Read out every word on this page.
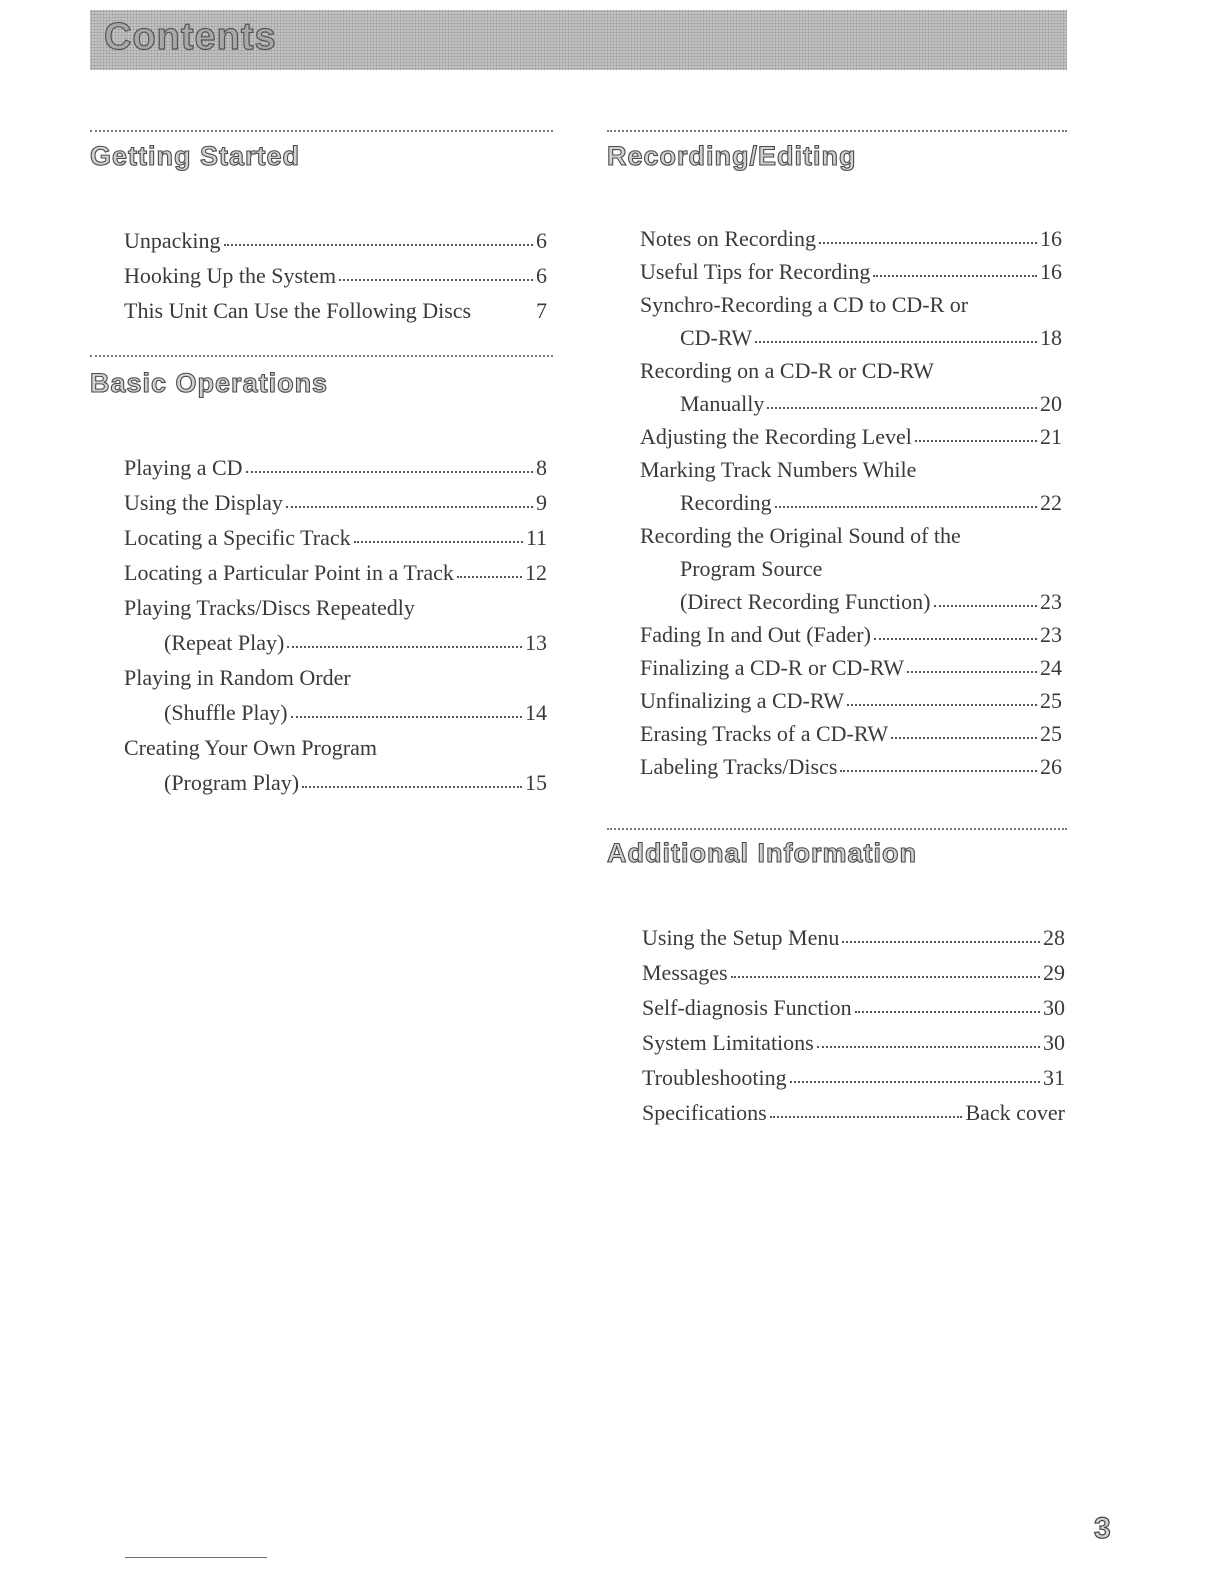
Contents
Getting Started
Unpacking	6
Hooking Up the System	6
This Unit Can Use the Following Discs	7
Basic Operations
Playing a CD	8
Using the Display	9
Locating a Specific Track	11
Locating a Particular Point in a Track	12
Playing Tracks/Discs Repeatedly
(Repeat Play)	13
Playing in Random Order
(Shuffle Play)	14
Creating Your Own Program
(Program Play)	15
Recording/Editing
Notes on Recording	16
Useful Tips for Recording	16
Synchro-Recording a CD to CD-R or
CD-RW	18
Recording on a CD-R or CD-RW
Manually	20
Adjusting the Recording Level	21
Marking Track Numbers While
Recording	22
Recording the Original Sound of the
Program Source
(Direct Recording Function)	23
Fading In and Out (Fader)	23
Finalizing a CD-R or CD-RW	24
Unfinalizing a CD-RW	25
Erasing Tracks of a CD-RW	25
Labeling Tracks/Discs	26
Additional Information
Using the Setup Menu	28
Messages	29
Self-diagnosis Function	30
System Limitations	30
Troubleshooting	31
Specifications	Back cover
3
